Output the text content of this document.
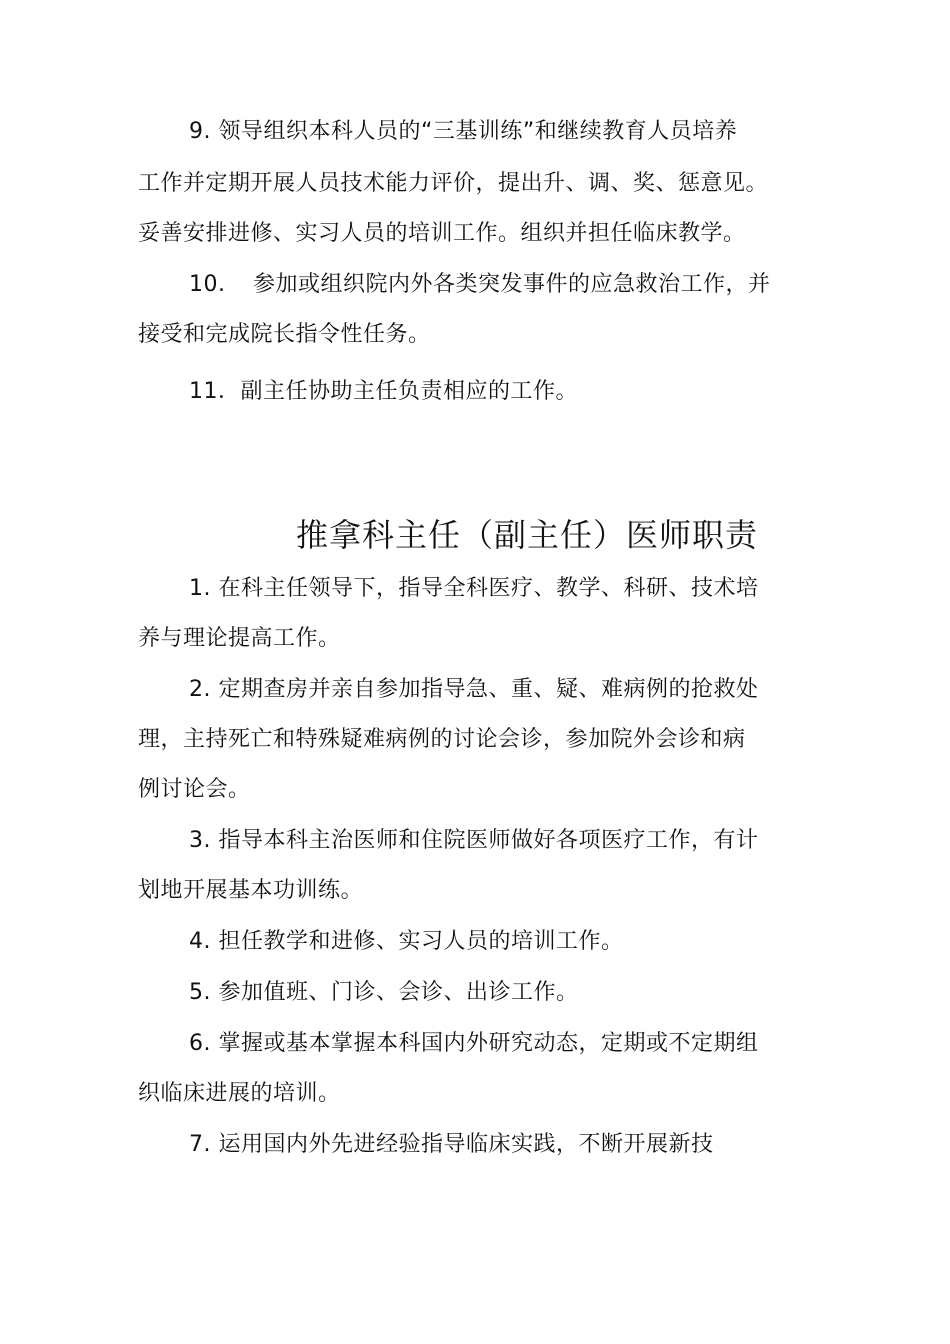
9. 领导组织本科人员的“三基训练”和继续教育人员培养
工作并定期开展人员技术能力评价，提出升、调、奖、惩意见。
妥善安排进修、实习人员的培训工作。组织并担任临床教学。
10. 参加或组织院内外各类突发事件的应急救治工作，并
接受和完成院长指令性任务。
11．副主任协助主任负责相应的工作。
推拿科主任（副主任）医师职责
1. 在科主任领导下，指导全科医疗、教学、科研、技术培
养与理论提高工作。
2. 定期查房并亲自参加指导急、重、疑、难病例的抢救处
理，主持死亡和特殊疑难病例的讨论会诊，参加院外会诊和病
例讨论会。
3. 指导本科主治医师和住院医师做好各项医疗工作，有计
划地开展基本功训练。
4. 担任教学和进修、实习人员的培训工作。
5. 参加值班、门诊、会诊、出诊工作。
6. 掌握或基本掌握本科国内外研究动态，定期或不定期组
织临床进展的培训。
7. 运用国内外先进经验指导临床实践，不断开展新技
